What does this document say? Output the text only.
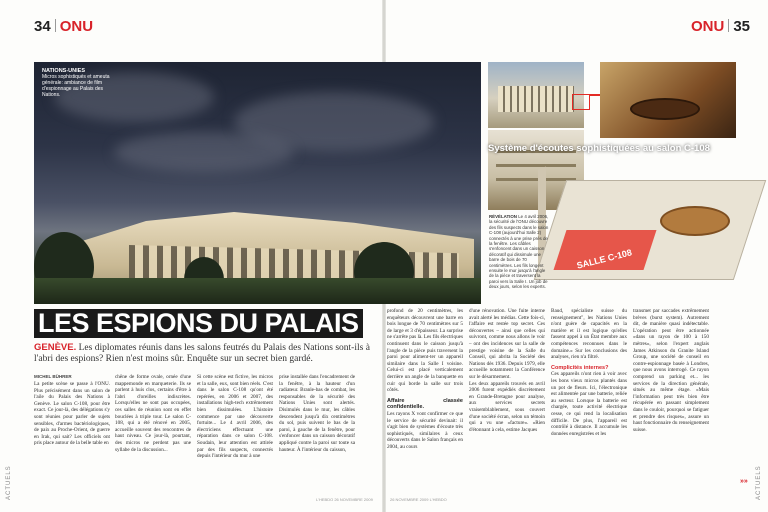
34 ONU	ONU 35
ACTUELS	ACTUELS
NATIONS-UNIES
Micros sophistiqués et ameuta générale: ambiance de film d'espionnage au Palais des Nations.
Système d'écoutes sophistiquées au salon C-108
SALLE C-108
RÉVÉLATION Le 4 avril 2006, la sécurité de l'ONU découvre des fils suspects dans le salon C-108 (aujourd'hui Salle 2) connectés à une prise près de la fenêtre. Les câbles s'enfoncent dans un caisson décoratif qui dissimule une barre de bois de 70 centimètres. Les fils longent ensuite le mur jusqu'à l'angle de la pièce et traversent la paroi vers la Salle I. Un job de deux jours, selon les experts.
LES ESPIONS DU PALAIS
GENÈVE. Les diplomates réunis dans les salons feutrés du Palais des Nations sont-ils à l'abri des espions? Rien n'est moins sûr. Enquête sur un secret bien gardé.
MICHEL BÜHRER

La petite scène se passe à l'ONU. Plus précisément dans un salon de l'aile du Palais des Nations à Genève. Le salon C-108, pour être exact. Ce jour-là, des délégations s'y sont réunies pour parler de sujets sensibles, d'armes bactériologiques, de paix au Proche-Orient, de guerre en Irak, qui sait? Les officiels ont pris place autour de la belle table en

chêne de forme ovale, ornée d'une mappemonde en marqueterie. Ils se parlent à huis clos, certains d'être à l'abri d'oreilles indiscrètes. Lorsqu'elles ne sont pas occupées, ces salles de réunion sont en effet bouclées à triple tour. Le salon C-108, qui a été rénové en 2005, accueille souvent des rencontres de haut niveau. Ce jour-là, pourtant, des micros ne perdent pas une syllabe de la discussion...

Si cette scène est fictive, les micros et la salle, eux, sont bien réels. C'est dans le salon C-108 qu'ont été repérées, en 2006 et 2007, des installations high-tech extrêmement bien dissimulées. L'histoire commence par une découverte fortuite... Le 4 avril 2006, des électriciens effectuant une réparation dans ce salon C-108. Soudain, leur attention est attirée par des fils suspects, connectés depuis l'intérieur du mur à une

prise installée dans l'encadrement de la fenêtre, à la hauteur d'un radiateur. Branle-bas de combat, les responsables de la sécurité des Nations Unies sont alertés. Disimulés dans le mur, les câbles descendent jusqu'à dix centimètres du sol, puis suivent le bas de la paroi, à gauche de la fenêtre, pour s'enfoncer dans un caisson décoratif appliqué contre la paroi sur toute sa hauteur. À l'intérieur du caisson,

profond de 20 centimètres, les enquêteurs découvrent une barre en bois longue de 70 centimètres sur 5 de large et 3 d'épaisseur. La surprise ne s'arrête pas là. Les fils électriques continuent dans le caisson jusqu'à l'angle de la pièce puis traversent la paroi pour aliment-ter un appareil similaire dans la Salle I voisine. Celui-ci est placé verticalement derrière un angle de la banquette en cuir qui borde la salle sur trois côtés.

Affaire classée confidentielle.

Les rayons X vont confirmer ce que le service de sécurité devinait: il s'agit bien de systèmes d'écoute très sophistiqués, similaires à ceux découverts dans le Salon français en 2004, au cours

d'une rénovation. Une fuite interne avait alerté les médias. Cette fois-ci, l'affaire est restée top secret. Ces découvertes – ainsi que celles qui suivront, comme nous allons le voir – ont des incidences sur la salle de prestige voisine de la Salle du Conseil, qui abrita la Société des Nations dès 1936. Depuis 1979, elle accueille notamment la Conférence sur le désarmement.

Les deux appareils trouvés en avril 2006 furent expédiés discrètement en Grande-Bretagne pour analyse, aux services secrets vraisemblablement, sous couvert d'une société écran, selon un témoin qui a vu une «facture». «Rien d'étonnant à cela, estime Jacques

Baud, spécialiste suisse du renseignement", les Nations Unies n'ont guère de capacités en la matière et il est logique qu'elles fassent appel à un État membre aux compétences reconnues dans le domaine.» Sur les conclusions des analyses, rien n'a filtré.

Complicités internes?

Ces appareils n'ont rien à voir avec les bons vieux micros plantés dans un pot de fleurs. Ici, l'électronique est alimentée par une batterie, reliée au secteur. Lorsque la batterie est chargée, toute activité électrique cesse, ce qui rend la localisation difficile. De plus, l'appareil est contrôlé à distance. Il accumule les données enregistrées et les

transmet par saccades extrêmement brèves (burst system). Autrement dit, de manière quasi indétectable. L'opération peut être actionnée «dans un rayon de 100 à 150 mètres», selon l'expert anglais James Atkinson du Granite Island Group, une société de conseil en contre-espionnage basée à Londres, que nous avons interrogé. Ce rayon comprend un parking et... les services de la direction générale, situés au même étage. «Mais l'information peut très bien être récupérée en passant simplement dans le couloir, pourquoi se fatiguer et prendre des risques», assure un haut fonctionnaire du renseignement suisse.

»»
L'HEBDO 26 NOVEMBRE 2009	26 NOVEMBRE 2009 L'HEBDO
